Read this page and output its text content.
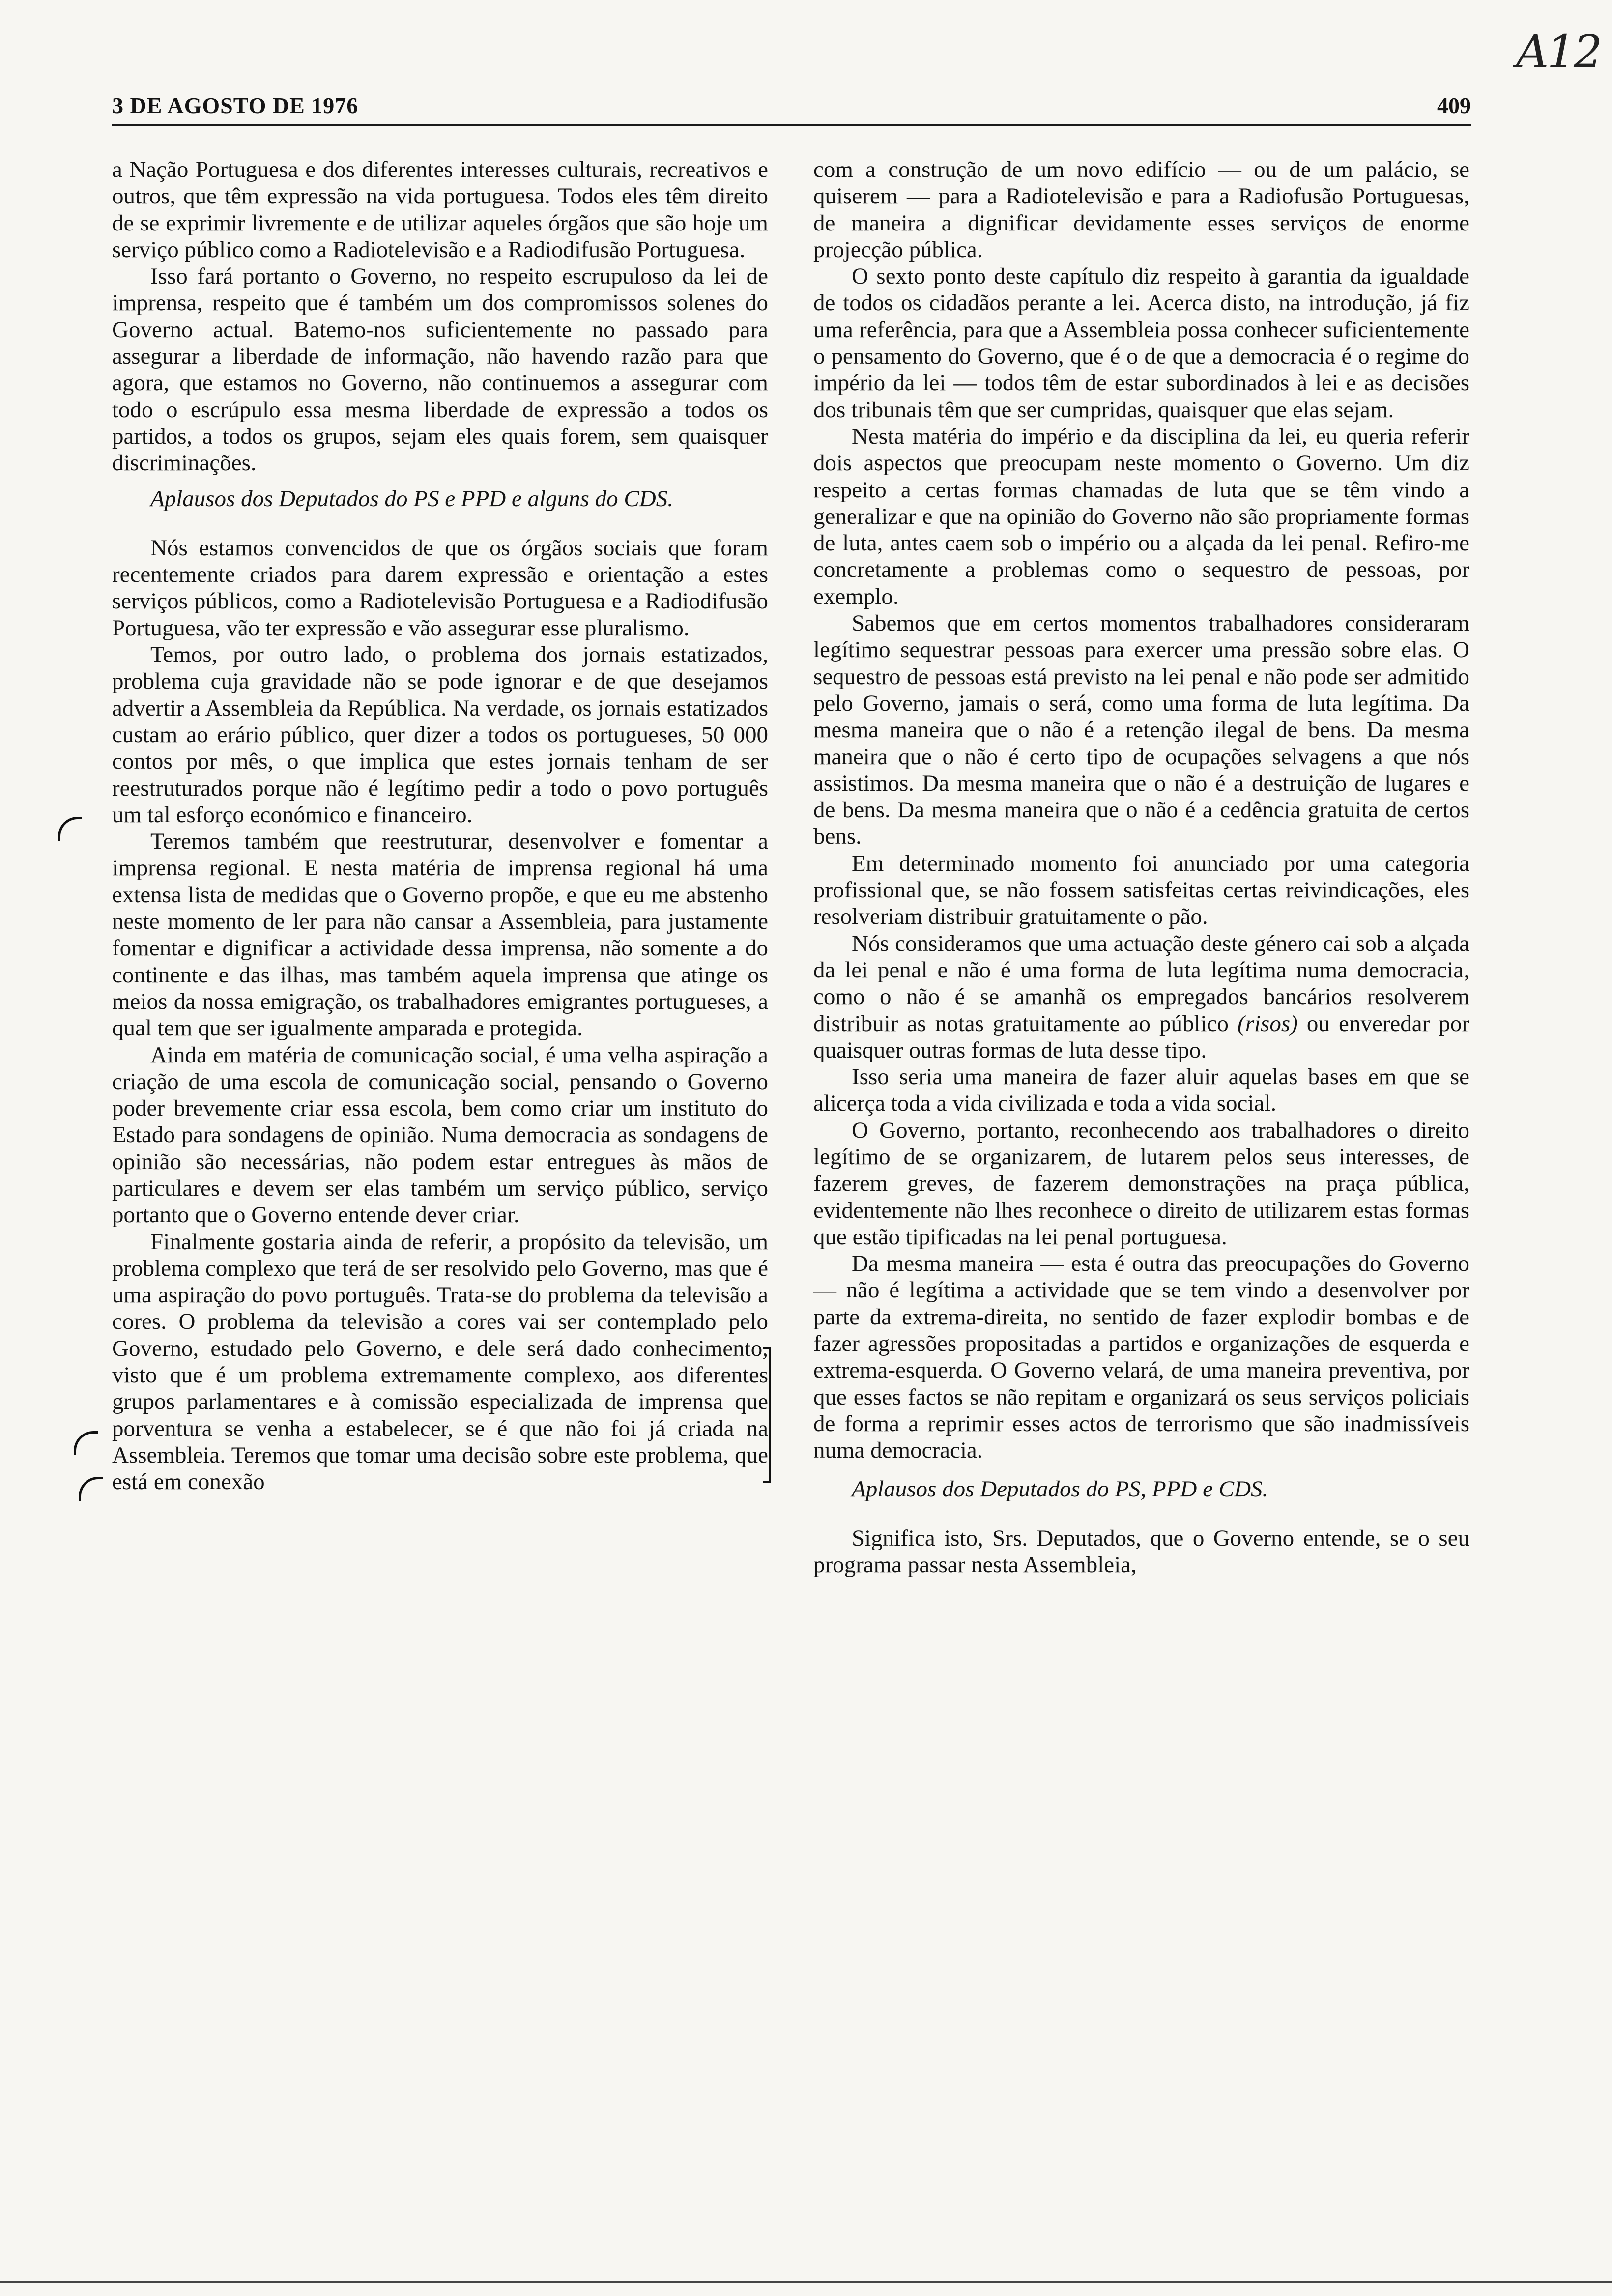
A12
3 DE AGOSTO DE 1976	409

a Nação Portuguesa e dos diferentes interesses culturais, recreativos e outros, que têm expressão na vida portuguesa. Todos eles têm direito de se exprimir livremente e de utilizar aqueles órgãos que são hoje um serviço público como a Radiotelevisão e a Radiodifusão Portuguesa.

Isso fará portanto o Governo, no respeito escrupuloso da lei de imprensa, respeito que é também um dos compromissos solenes do Governo actual. Batemo-nos suficientemente no passado para assegurar a liberdade de informação, não havendo razão para que agora, que estamos no Governo, não continuemos a assegurar com todo o escrúpulo essa mesma liberdade de expressão a todos os partidos, a todos os grupos, sejam eles quais forem, sem quaisquer discriminações.

Aplausos dos Deputados do PS e PPD e alguns do CDS.

Nós estamos convencidos de que os órgãos sociais que foram recentemente criados para darem expressão e orientação a estes serviços públicos, como a Radiotelevisão Portuguesa e a Radiodifusão Portuguesa, vão ter expressão e vão assegurar esse pluralismo.

Temos, por outro lado, o problema dos jornais estatizados, problema cuja gravidade não se pode ignorar e de que desejamos advertir a Assembleia da República. Na verdade, os jornais estatizados custam ao erário público, quer dizer a todos os portugueses, 50 000 contos por mês, o que implica que estes jornais tenham de ser reestruturados porque não é legítimo pedir a todo o povo português um tal esforço económico e financeiro.

Teremos também que reestruturar, desenvolver e fomentar a imprensa regional. E nesta matéria de imprensa regional há uma extensa lista de medidas que o Governo propõe, e que eu me abstenho neste momento de ler para não cansar a Assembleia, para justamente fomentar e dignificar a actividade dessa imprensa, não somente a do continente e das ilhas, mas também aquela imprensa que atinge os meios da nossa emigração, os trabalhadores emigrantes portugueses, a qual tem que ser igualmente amparada e protegida.

Ainda em matéria de comunicação social, é uma velha aspiração a criação de uma escola de comunicação social, pensando o Governo poder brevemente criar essa escola, bem como criar um instituto do Estado para sondagens de opinião. Numa democracia as sondagens de opinião são necessárias, não podem estar entregues às mãos de particulares e devem ser elas também um serviço público, serviço portanto que o Governo entende dever criar.

Finalmente gostaria ainda de referir, a propósito da televisão, um problema complexo que terá de ser resolvido pelo Governo, mas que é uma aspiração do povo português. Trata-se do problema da televisão a cores. O problema da televisão a cores vai ser contemplado pelo Governo, estudado pelo Governo, e dele será dado conhecimento, visto que é um problema extremamente complexo, aos diferentes grupos parlamentares e à comissão especializada de imprensa que porventura se venha a estabelecer, se é que não foi já criada na Assembleia. Teremos que tomar uma decisão sobre este problema, que está em conexão

com a construção de um novo edifício — ou de um palácio, se quiserem — para a Radiotelevisão e para a Radiofusão Portuguesas, de maneira a dignificar devidamente esses serviços de enorme projecção pública.

O sexto ponto deste capítulo diz respeito à garantia da igualdade de todos os cidadãos perante a lei. Acerca disto, na introdução, já fiz uma referência, para que a Assembleia possa conhecer suficientemente o pensamento do Governo, que é o de que a democracia é o regime do império da lei — todos têm de estar subordinados à lei e as decisões dos tribunais têm que ser cumpridas, quaisquer que elas sejam.

Nesta matéria do império e da disciplina da lei, eu queria referir dois aspectos que preocupam neste momento o Governo. Um diz respeito a certas formas chamadas de luta que se têm vindo a generalizar e que na opinião do Governo não são propriamente formas de luta, antes caem sob o império ou a alçada da lei penal. Refiro-me concretamente a problemas como o sequestro de pessoas, por exemplo.

Sabemos que em certos momentos trabalhadores consideraram legítimo sequestrar pessoas para exercer uma pressão sobre elas. O sequestro de pessoas está previsto na lei penal e não pode ser admitido pelo Governo, jamais o será, como uma forma de luta legítima. Da mesma maneira que o não é a retenção ilegal de bens. Da mesma maneira que o não é certo tipo de ocupações selvagens a que nós assistimos. Da mesma maneira que o não é a destruição de lugares e de bens. Da mesma maneira que o não é a cedência gratuita de certos bens.

Em determinado momento foi anunciado por uma categoria profissional que, se não fossem satisfeitas certas reivindicações, eles resolveriam distribuir gratuitamente o pão.

Nós consideramos que uma actuação deste género cai sob a alçada da lei penal e não é uma forma de luta legítima numa democracia, como o não é se amanhã os empregados bancários resolverem distribuir as notas gratuitamente ao público (risos) ou enveredar por quaisquer outras formas de luta desse tipo.

Isso seria uma maneira de fazer aluir aquelas bases em que se alicerça toda a vida civilizada e toda a vida social.

O Governo, portanto, reconhecendo aos trabalhadores o direito legítimo de se organizarem, de lutarem pelos seus interesses, de fazerem greves, de fazerem demonstrações na praça pública, evidentemente não lhes reconhece o direito de utilizarem estas formas que estão tipificadas na lei penal portuguesa.

Da mesma maneira — esta é outra das preocupações do Governo — não é legítima a actividade que se tem vindo a desenvolver por parte da extrema-direita, no sentido de fazer explodir bombas e de fazer agressões propositadas a partidos e organizações de esquerda e extrema-esquerda. O Governo velará, de uma maneira preventiva, por que esses factos se não repitam e organizará os seus serviços policiais de forma a reprimir esses actos de terrorismo que são inadmissíveis numa democracia.

Aplausos dos Deputados do PS, PPD e CDS.

Significa isto, Srs. Deputados, que o Governo entende, se o seu programa passar nesta Assembleia,
